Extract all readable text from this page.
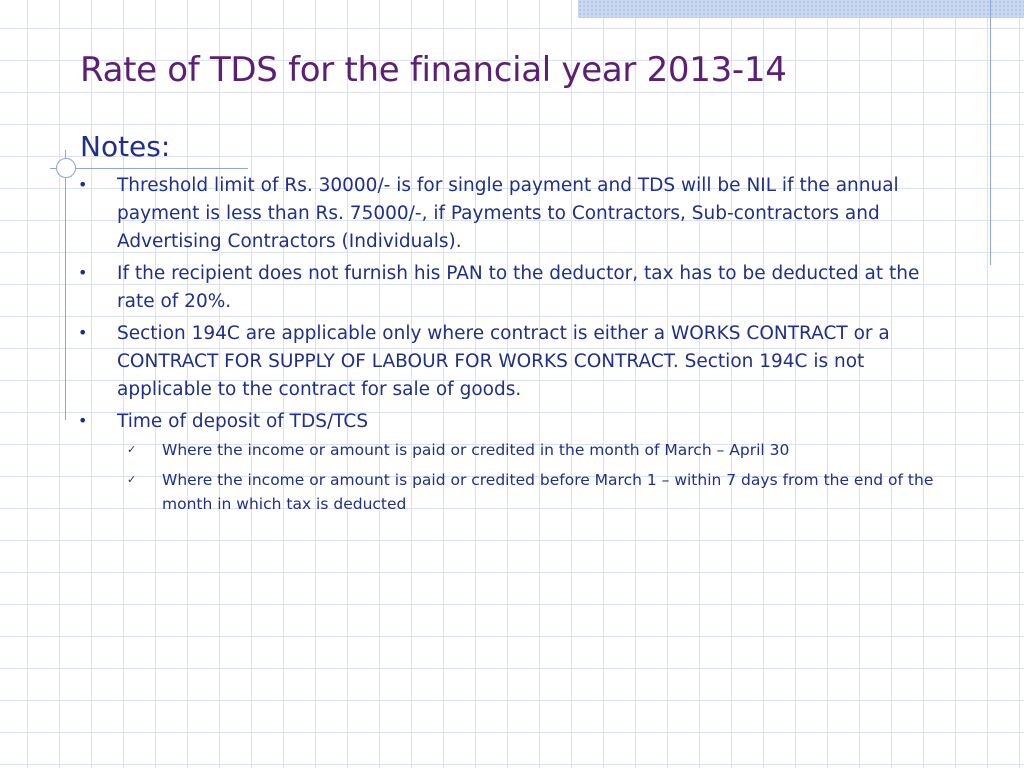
Rate of TDS for the financial year 2013-14
Notes:
• Threshold limit of Rs. 30000/- is for single payment and TDS will be NIL if the annual payment is less than Rs. 75000/-, if Payments to Contractors, Sub-contractors and Advertising Contractors (Individuals).
• If the recipient does not furnish his PAN to the deductor, tax has to be deducted at the rate of 20%.
• Section 194C are applicable only where contract is either a WORKS CONTRACT or a CONTRACT FOR SUPPLY OF LABOUR FOR WORKS CONTRACT. Section 194C is not applicable to the contract for sale of goods.
• Time of deposit of TDS/TCS
✓ Where the income or amount is paid or credited in the month of March – April 30
✓ Where the income or amount is paid or credited before March 1 – within 7 days from the end of the month in which tax is deducted
